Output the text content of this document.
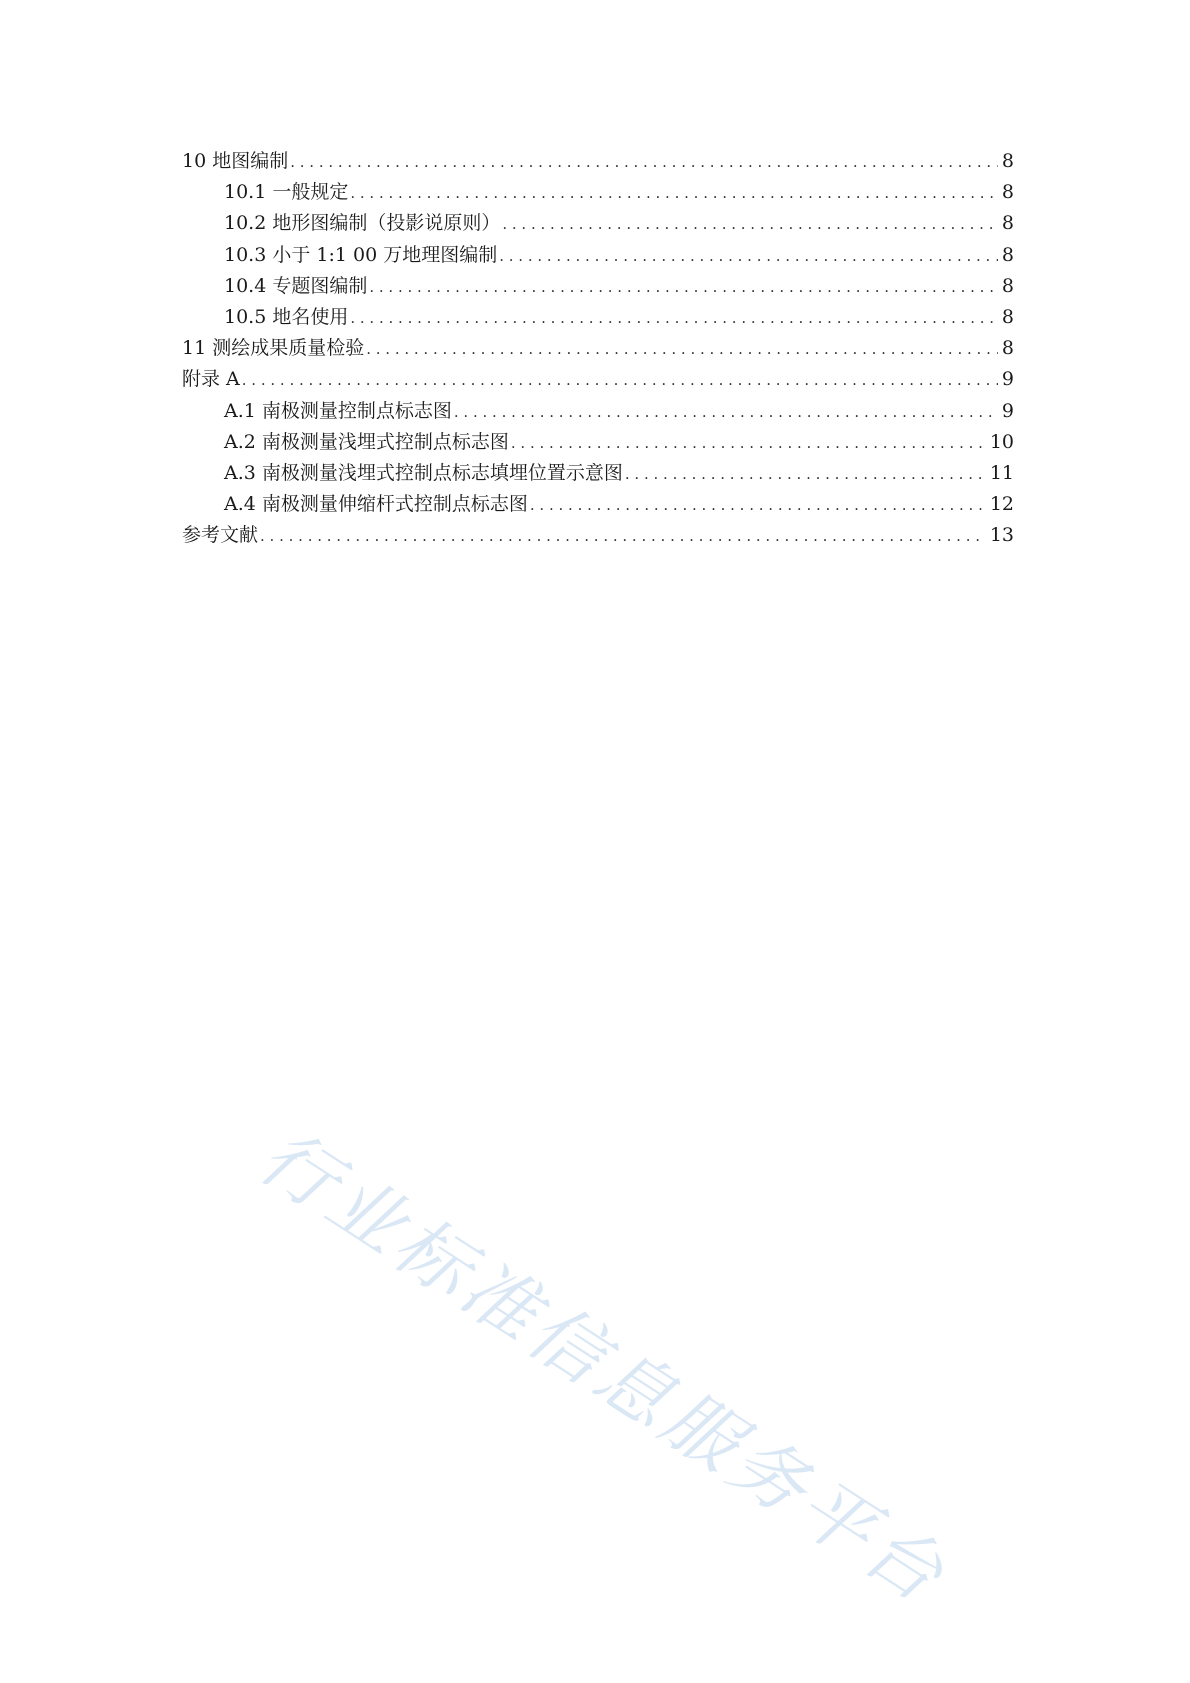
10 地图编制 . . .	8
10.1 一般规定 . . .	8
10.2 地形图编制（投影说原则） . . .	8
10.3 小于 1:1 00 万地理图编制 . . .	8
10.4 专题图编制 . . .	8
10.5 地名使用 . . .	8
11 测绘成果质量检验 . . .	8
附录 A . . .	9
A.1 南极测量控制点标志图 . . .	9
A.2 南极测量浅埋式控制点标志图 . . .	10
A.3 南极测量浅埋式控制点标志填埋位置示意图 . . .	11
A.4 南极测量伸缩杆式控制点标志图 . . .	12
参考文献 . . .	13
行业标准信息服务平台
